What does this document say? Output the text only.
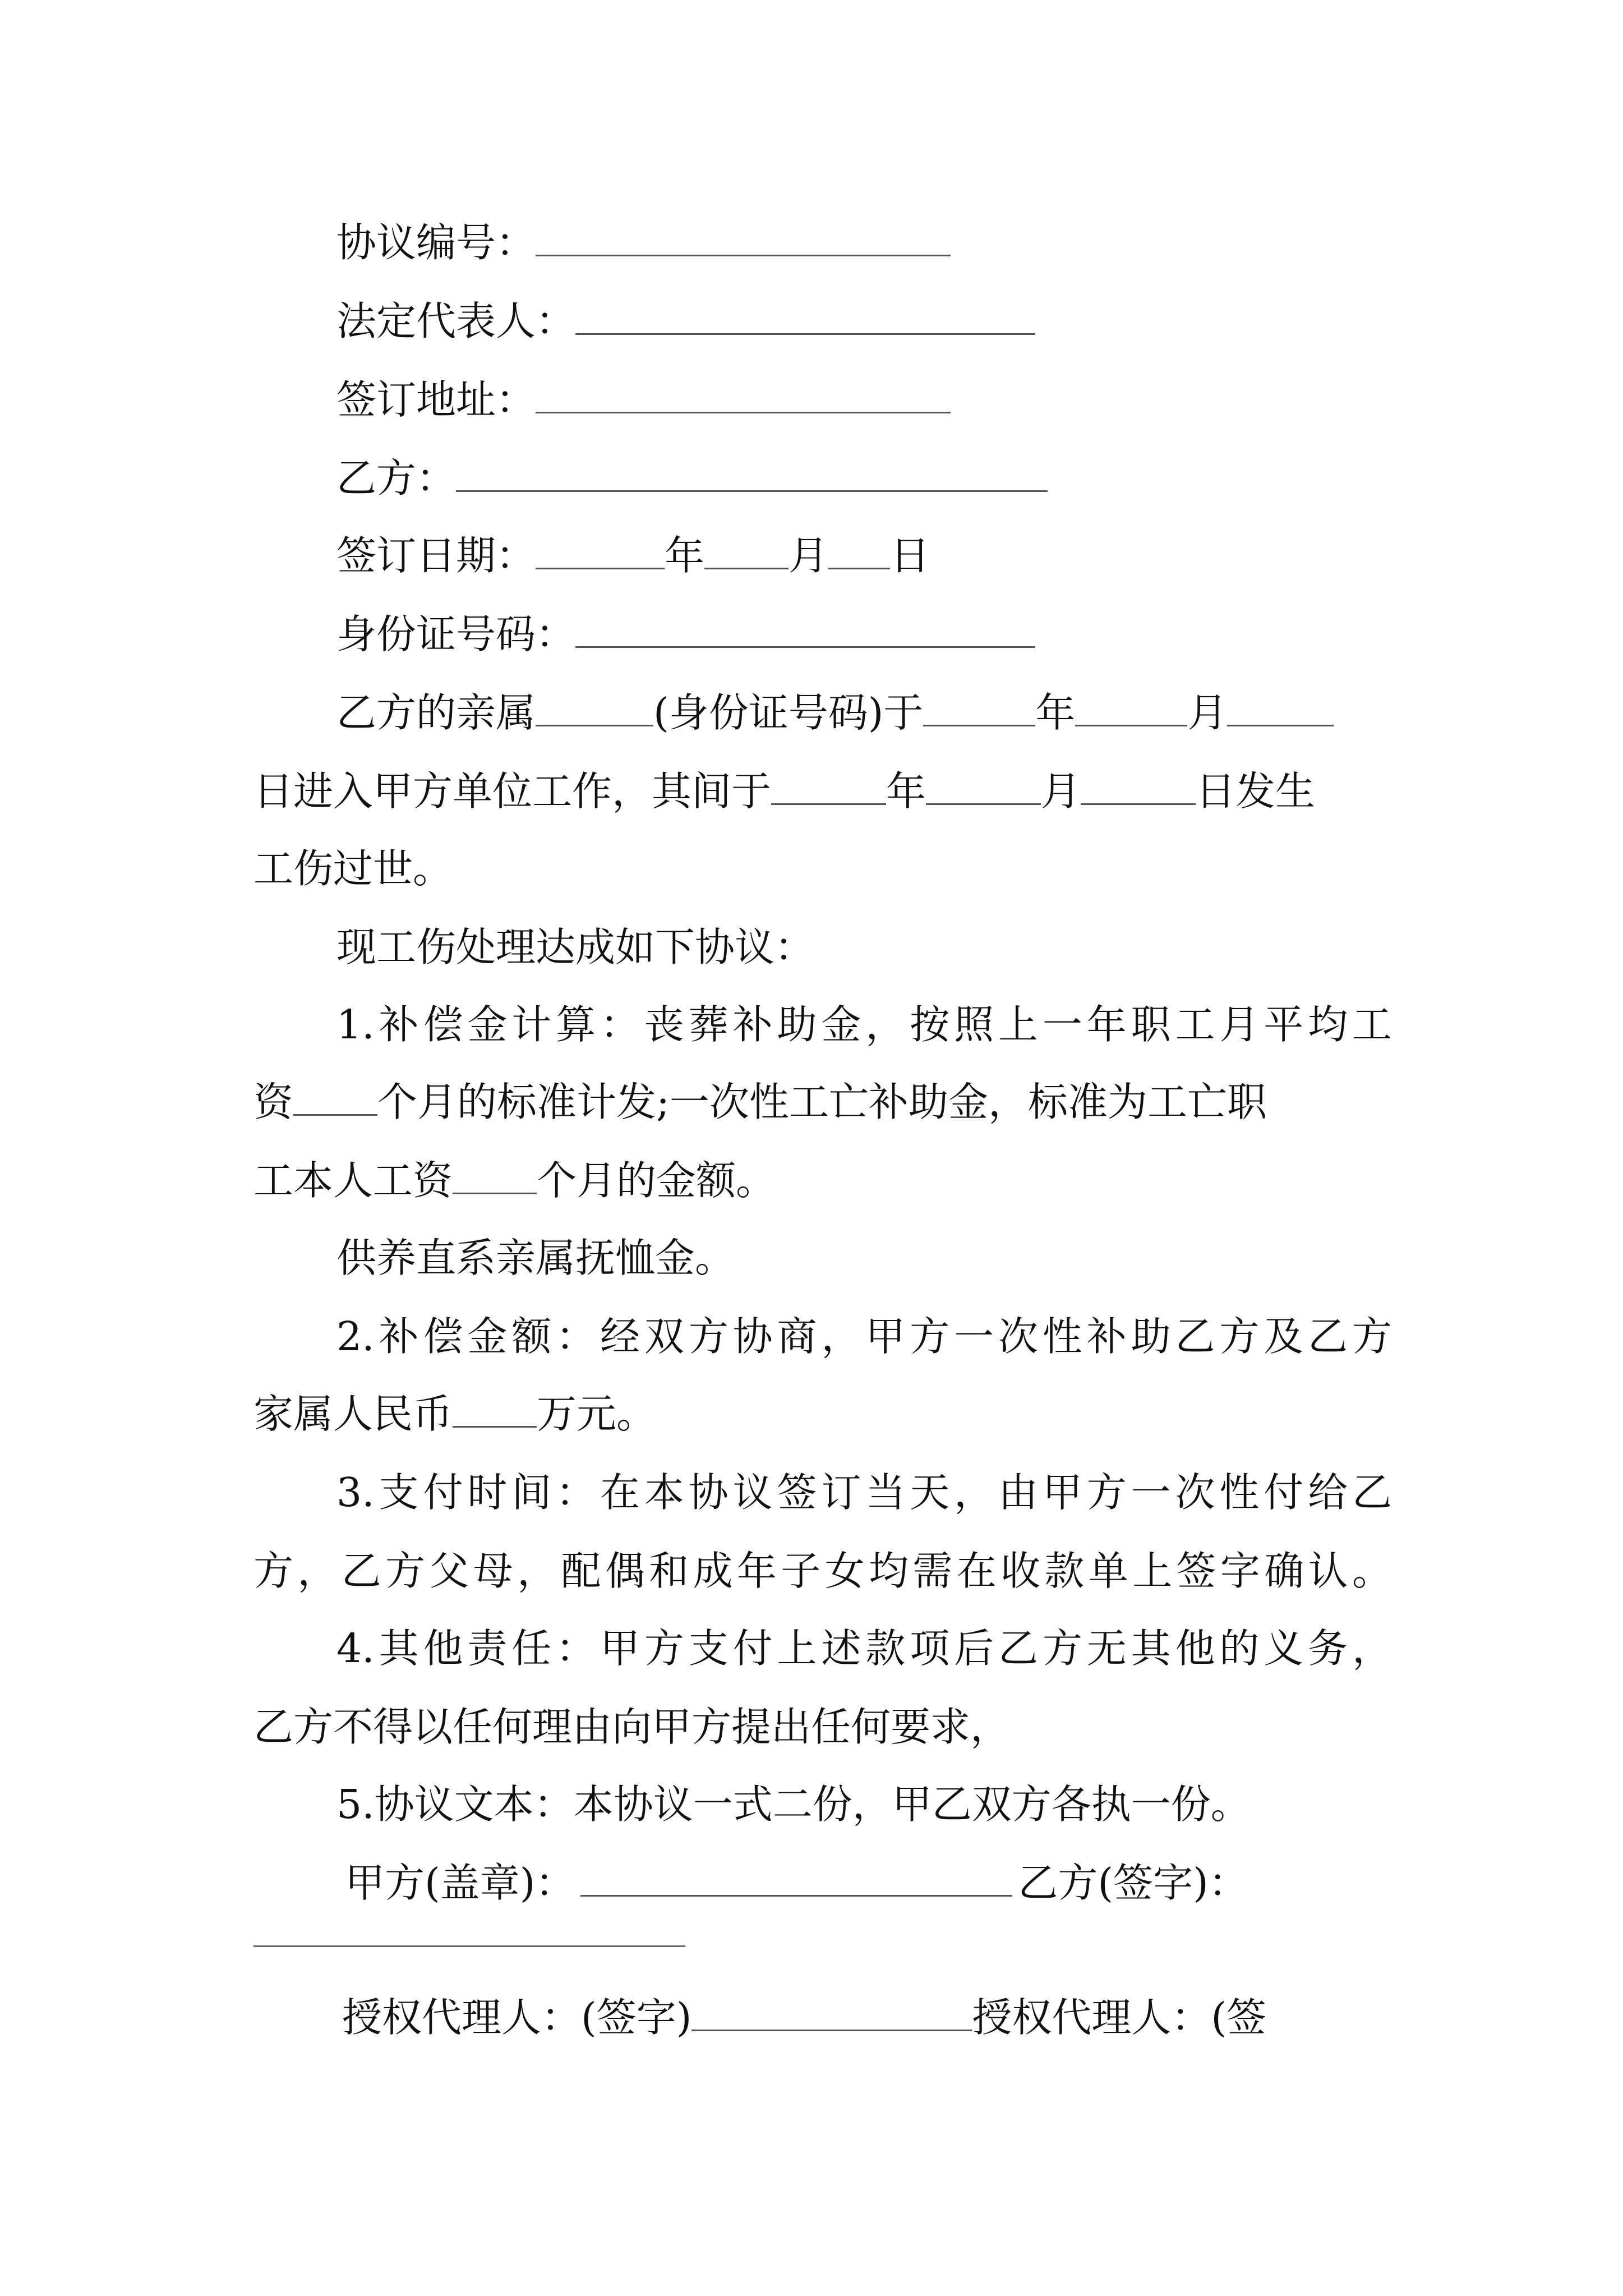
协议编号：
法定代表人：
签订地址：
乙方：
签订日期：	年 月 日
身份证号码：
乙方的亲属	(身份证号码)于	年	月
日进入甲方单位工作，其间于	年	月	日发生
工伤过世。
现工伤处理达成如下协议：
1.补偿金计算：丧葬补助金，按照上一年职工月平均工
资 个月的标准计发;一次性工亡补助金，标准为工亡职
工本人工资 个月的金额。
供养直系亲属抚恤金。
2.补偿金额：经双方协商，甲方一次性补助乙方及乙方
家属人民币 万元。
3.支付时间：在本协议签订当天，由甲方一次性付给乙
方，乙方父母，配偶和成年子女均需在收款单上签字确认。
4.其他责任：甲方支付上述款项后乙方无其他的义务，
乙方不得以任何理由向甲方提出任何要求，
5.协议文本：本协议一式二份，甲乙双方各执一份。
甲方(盖章)：	乙方(签字)：
授权代理人：(签字)	授权代理人：(签
